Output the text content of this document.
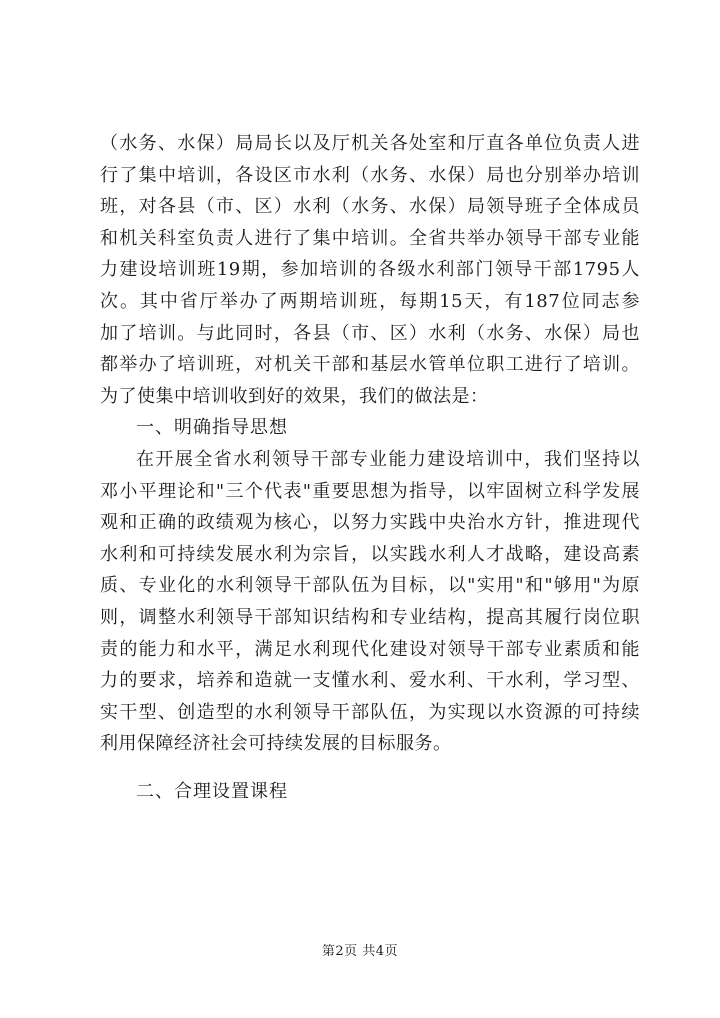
（水务、水保）局局长以及厅机关各处室和厅直各单位负责人进
行了集中培训，各设区市水利（水务、水保）局也分别举办培训
班，对各县（市、区）水利（水务、水保）局领导班子全体成员
和机关科室负责人进行了集中培训。全省共举办领导干部专业能
力建设培训班19期，参加培训的各级水利部门领导干部1795人
次。其中省厅举办了两期培训班，每期15天，有187位同志参
加了培训。与此同时，各县（市、区）水利（水务、水保）局也
都举办了培训班，对机关干部和基层水管单位职工进行了培训。
为了使集中培训收到好的效果，我们的做法是：
一、明确指导思想
在开展全省水利领导干部专业能力建设培训中，我们坚持以
邓小平理论和"三个代表"重要思想为指导，以牢固树立科学发展
观和正确的政绩观为核心，以努力实践中央治水方针，推进现代
水利和可持续发展水利为宗旨，以实践水利人才战略，建设高素
质、专业化的水利领导干部队伍为目标，以"实用"和"够用"为原
则，调整水利领导干部知识结构和专业结构，提高其履行岗位职
责的能力和水平，满足水利现代化建设对领导干部专业素质和能
力的要求，培养和造就一支懂水利、爱水利、干水利，学习型、
实干型、创造型的水利领导干部队伍，为实现以水资源的可持续
利用保障经济社会可持续发展的目标服务。
二、合理设置课程
第2页 共4页
